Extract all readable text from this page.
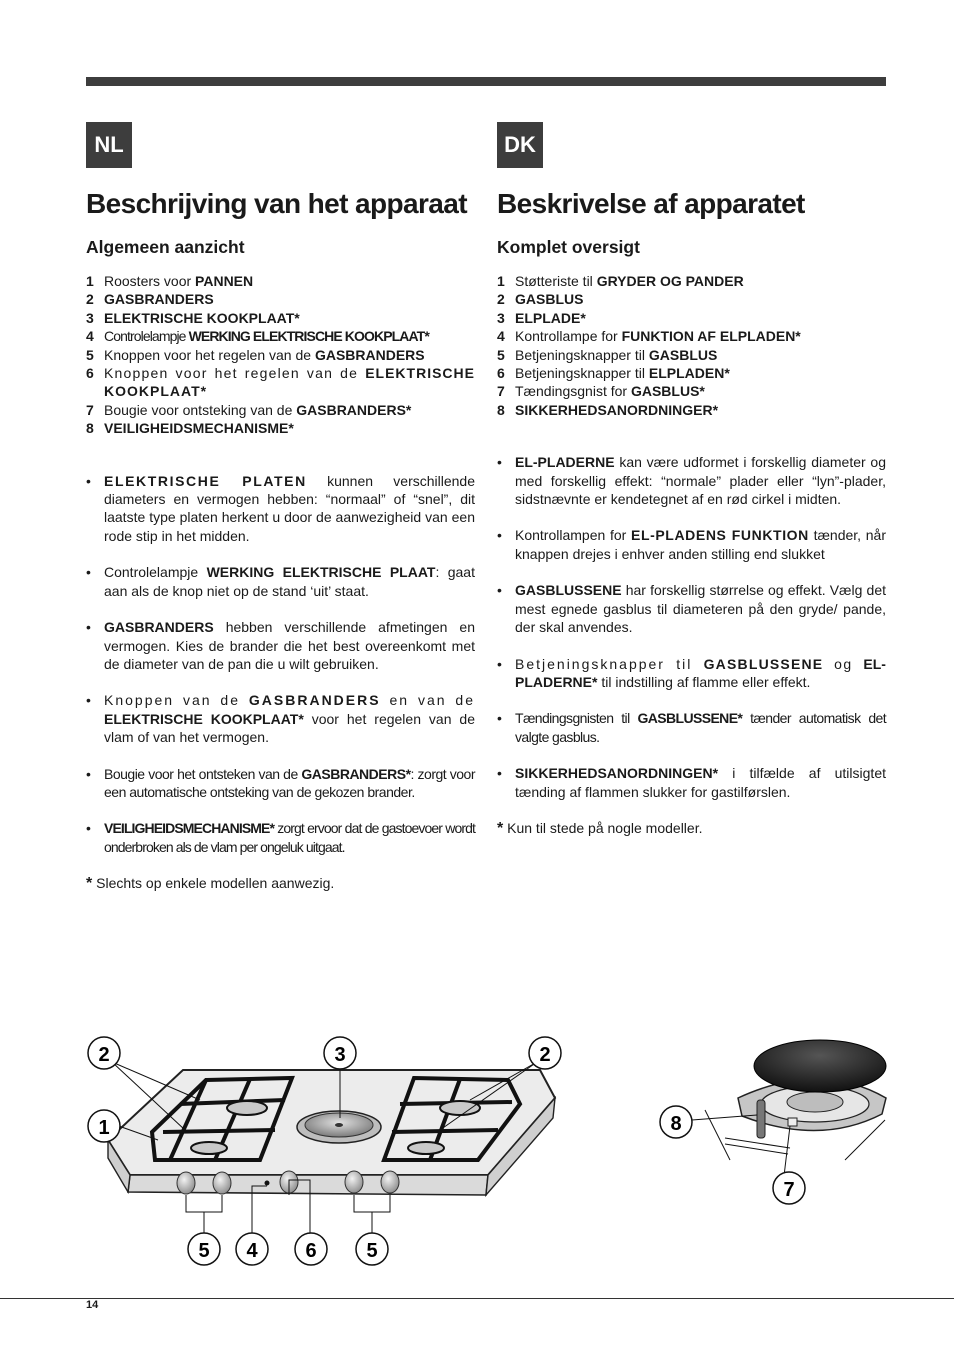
NL	DK
Beschrijving van het apparaat
Algemeen aanzicht
1 Roosters voor PANNEN
2 GASBRANDERS
3 ELEKTRISCHE KOOKPLAAT*
4 Controlelampje WERKING ELEKTRISCHE KOOKPLAAT*
5 Knoppen voor het regelen van de GASBRANDERS
6 Knoppen voor het regelen van de ELEKTRISCHE KOOKPLAAT*
7 Bougie voor ontsteking van de GASBRANDERS*
8 VEILIGHEIDSMECHANISME*
• ELEKTRISCHE PLATEN kunnen verschillende diameters en vermogen hebben: “normaal” of “snel”, dit laatste type platen herkent u door de aanwezigheid van een rode stip in het midden.
• Controlelampje WERKING ELEKTRISCHE PLAAT: gaat aan als de knop niet op de stand ‘uit’ staat.
• GASBRANDERS hebben verschillende afmetingen en vermogen. Kies de brander die het best overeenkomt met de diameter van de pan die u wilt gebruiken.
• Knoppen van de GASBRANDERS en van de ELEKTRISCHE KOOKPLAAT* voor het regelen van de vlam of van het vermogen.
• Bougie voor het ontsteken van de GASBRANDERS*: zorgt voor een automatische ontsteking van de gekozen brander.
• VEILIGHEIDSMECHANISME* zorgt ervoor dat de gastoevoer wordt onderbroken als de vlam per ongeluk uitgaat.
* Slechts op enkele modellen aanwezig.
Beskrivelse af apparatet
Komplet oversigt
1 Støtteriste til GRYDER OG PANDER
2 GASBLUS
3 ELPLADE*
4 Kontrollampe for FUNKTION AF ELPLADEN*
5 Betjeningsknapper til GASBLUS
6 Betjeningsknapper til ELPLADEN*
7 Tændingsgnist for GASBLUS*
8 SIKKERHEDSANORDNINGER*
• EL-PLADERNE kan være udformet i forskellig diameter og med forskellig effekt: “normale” plader eller “lyn”-plader, sidstnævnte er kendetegnet af en rød cirkel i midten.
• Kontrollampen for EL-PLADENS FUNKTION tænder, når knappen drejes i enhver anden stilling end slukket
• GASBLUSSENE har forskellig størrelse og effekt. Vælg det mest egnede gasblus til diameteren på den gryde/ pande, der skal anvendes.
• Betjeningsknapper til GASBLUSSENE og EL-PLADERNE* til indstilling af flamme eller effekt.
• Tændingsgnisten til GASBLUSSENE* tænder automatisk det valgte gasblus.
• SIKKERHEDSANORDNINGEN* i tilfælde af utilsigtet tænding af flammen slukker for gastilførslen.
* Kun til stede på nogle modeller.
2	3	2
1
5 4 6 5
8
7
14
